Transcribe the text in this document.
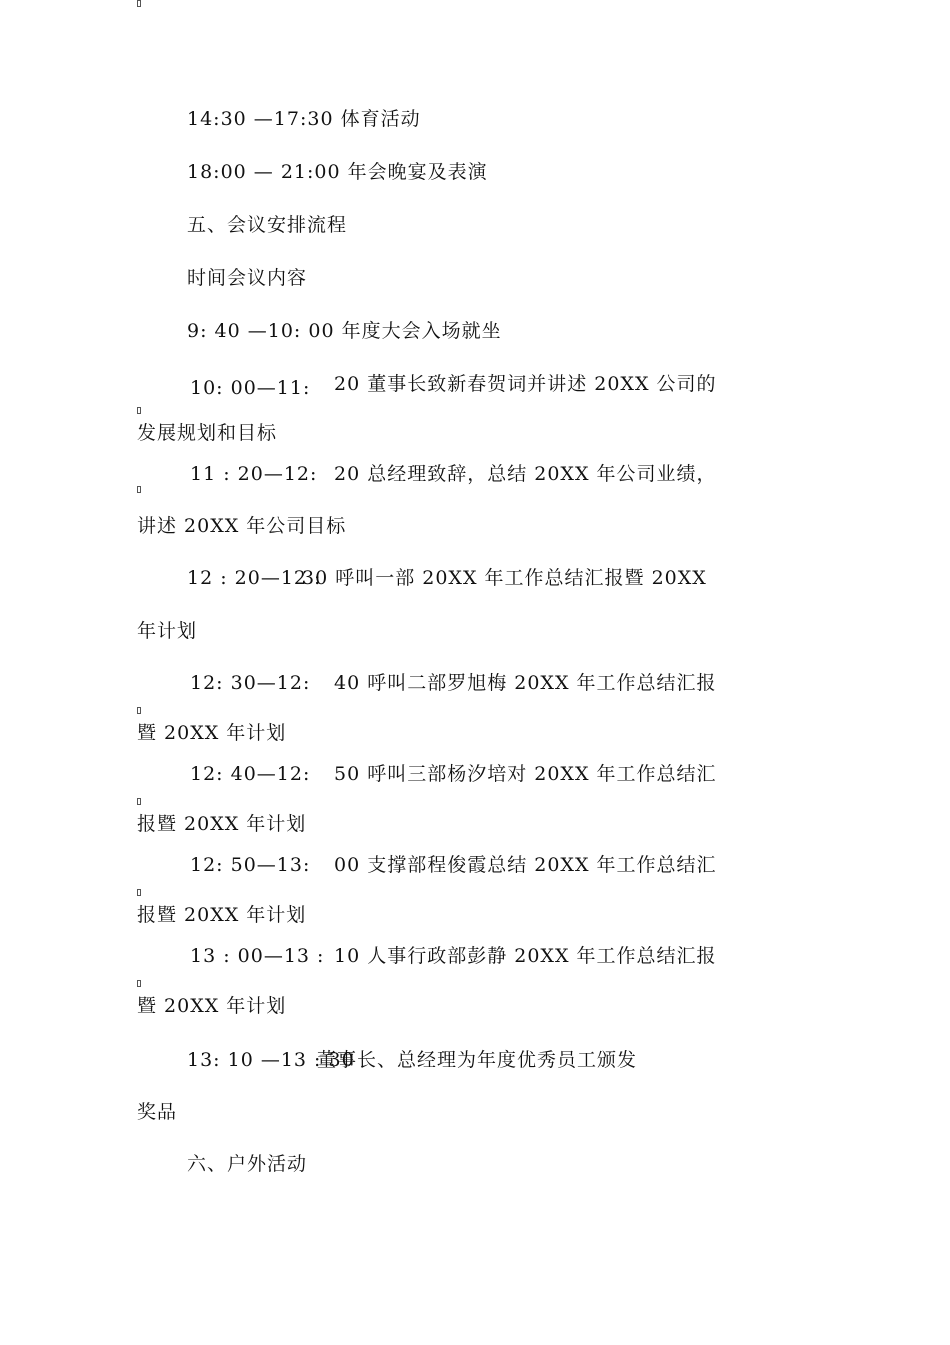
14:30 —17:30 体育活动
18:00 — 21:00 年会晚宴及表演
五、会议安排流程
时间会议内容
9: 40 —10: 00 年度大会入场就坐
10: 00—11: 20 董事长致新春贺词并讲述 20XX 公司的
发展规划和目标
11 : 20—12: 20 总经理致辞，总结 20XX 年公司业绩，
讲述 20XX 年公司目标
12 : 20—12 :
30 呼叫一部 20XX 年工作总结汇报暨 20XX
年计划
12: 30—12: 40 呼叫二部罗旭梅 20XX 年工作总结汇报
暨 20XX 年计划
12: 40—12: 50 呼叫三部杨汐培对 20XX 年工作总结汇
报暨 20XX 年计划
12: 50—13: 00 支撑部程俊霞总结 20XX 年工作总结汇
报暨 20XX 年计划
13 : 00—13 : 10 人事行政部彭静 20XX 年工作总结汇报
暨 20XX 年计划
13: 10 —13 : 30
董事长、总经理为年度优秀员工颁发
奖品
六、户外活动
